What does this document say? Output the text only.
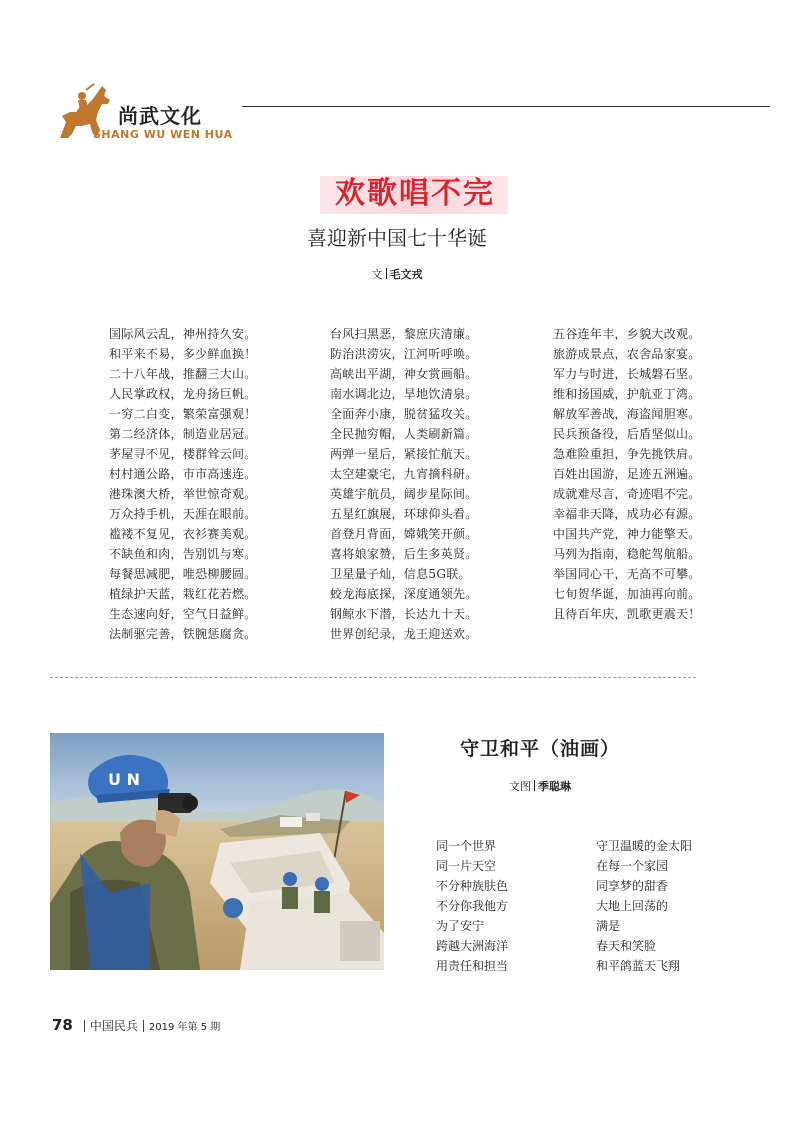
尚武文化
SHANG WU WEN HUA
欢歌唱不完
喜迎新中国七十华诞
文 毛文戎
国际风云乱，神州持久安。
和平来不易，多少鲜血换！
二十八年战，推翻三大山。
人民掌政权，龙舟扬巨帆。
一穷二白变，繁荣富强观！
第二经济体，制造业居冠。
茅屋寻不见，楼群耸云间。
村村通公路，市市高速连。
港珠澳大桥，举世惊奇观。
万众持手机，天涯在眼前。
褴褛不复见，衣衫赛美观。
不缺鱼和肉，告别饥与寒。
每餐思减肥，唯恐柳腰圆。
植绿护天蓝，栽红花若燃。
生态速向好，空气日益鲜。
法制驱完善，铁腕惩腐贪。
台风扫黑恶，黎庶庆清廉。
防治洪涝灾，江河听呼唤。
高峡出平湖，神女赏画船。
南水调北边，旱地饮清泉。
全面奔小康，脱贫猛攻关。
全民抛穷帽，人类刷新篇。
两弹一星后，紧接忙航天。
太空建豪宅，九宵摘科研。
英雄宇航员，阔步星际间。
五星红旗展，环球仰头看。
首登月背面，嫦娥笑开颜。
喜将娘家赞，后生多英贤。
卫星量子灿，信息5G联。
蛟龙海底探，深度通领先。
钢鲸水下潜，长达九十天。
世界创纪录，龙王迎送欢。
五谷连年丰，乡貌大改观。
旅游成景点，农舍品家宴。
军力与时进，长城磐石坚。
维和扬国威，护航亚丁湾。
解放军善战，海盗闻胆寒。
民兵预备役，后盾坚似山。
急难险重担，争先挑铁肩。
百姓出国游，足迹五洲遍。
成就难尽言，奇迹唱不完。
幸福非天降，成功必有源。
中国共产党，神力能擎天。
马列为指南，稳舵驾航船。
举国同心干，无高不可攀。
七旬贺华诞，加油再向前。
且待百年庆，凯歌更震天！
U N
守卫和平（油画）
文图 季聪琳
同一个世界
同一片天空
不分种族肤色
不分你我他方
为了安宁
跨越大洲海洋
用责任和担当
守卫温暖的金太阳
在每一个家园
同享梦的甜香
大地上回荡的
满是
春天和笑脸
和平鸽蓝天飞翔
78 中国民兵 2019 年第 5 期
